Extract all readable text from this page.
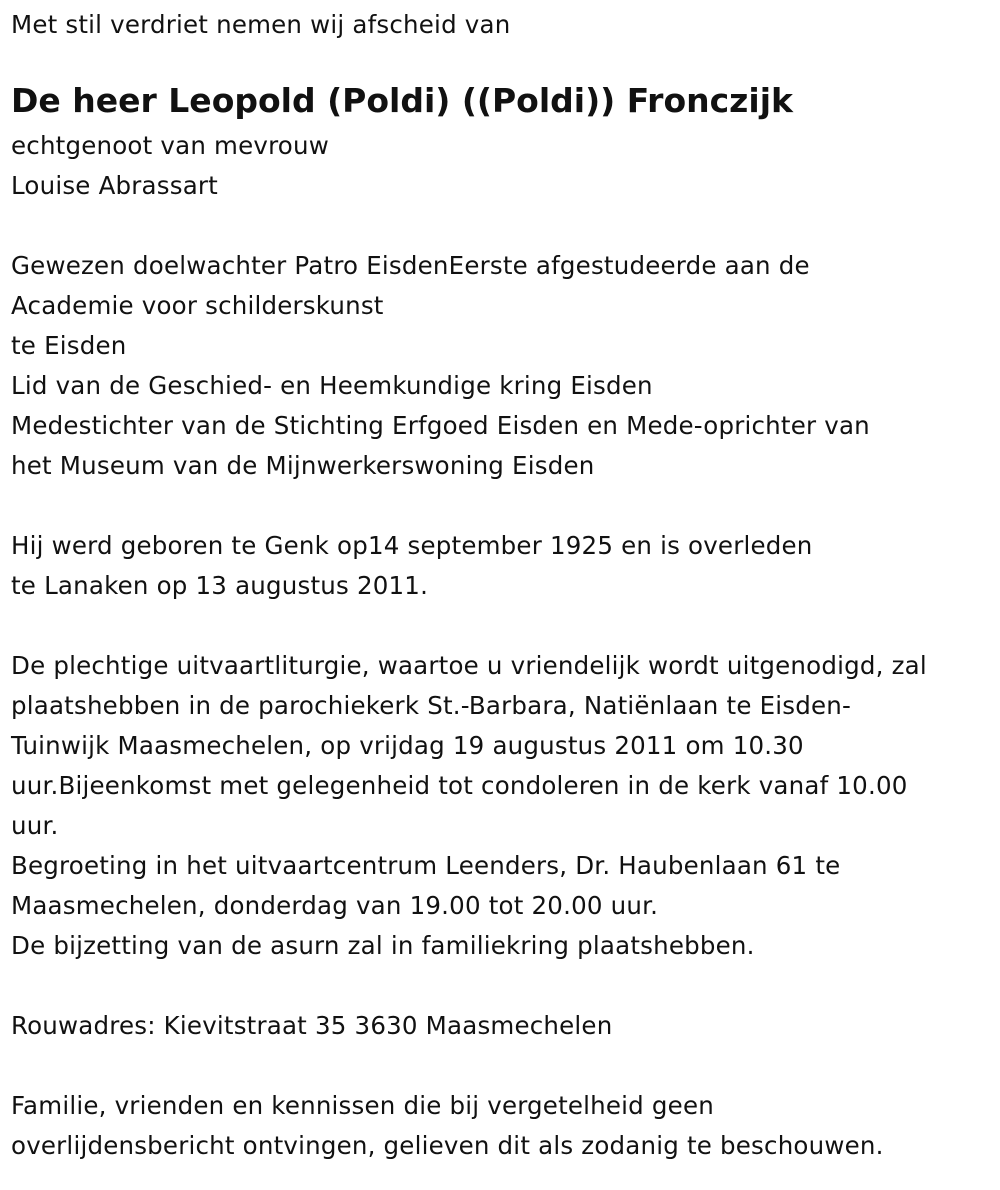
Met stil verdriet nemen wij afscheid van
De heer Leopold (Poldi) ((Poldi)) Fronczijk
echtgenoot van mevrouw
Louise Abrassart
Gewezen doelwachter Patro EisdenEerste afgestudeerde aan de
Academie voor schilderskunst
te Eisden
Lid van de Geschied- en Heemkundige kring Eisden
Medestichter van de Stichting Erfgoed Eisden en Mede-oprichter van
het Museum van de Mijnwerkerswoning Eisden
Hij werd geboren te Genk op14 september 1925 en is overleden
te Lanaken op 13 augustus 2011.
De plechtige uitvaartliturgie, waartoe u vriendelijk wordt uitgenodigd, zal
plaatshebben in de parochiekerk St.-Barbara, Natiënlaan te Eisden-
Tuinwijk Maasmechelen, op vrijdag 19 augustus 2011 om 10.30
uur.Bijeenkomst met gelegenheid tot condoleren in de kerk vanaf 10.00
uur.
Begroeting in het uitvaartcentrum Leenders, Dr. Haubenlaan 61 te
Maasmechelen, donderdag van 19.00 tot 20.00 uur.
De bijzetting van de asurn zal in familiekring plaatshebben.
Rouwadres: Kievitstraat 35 3630 Maasmechelen
Familie, vrienden en kennissen die bij vergetelheid geen
overlijdensbericht ontvingen, gelieven dit als zodanig te beschouwen.
